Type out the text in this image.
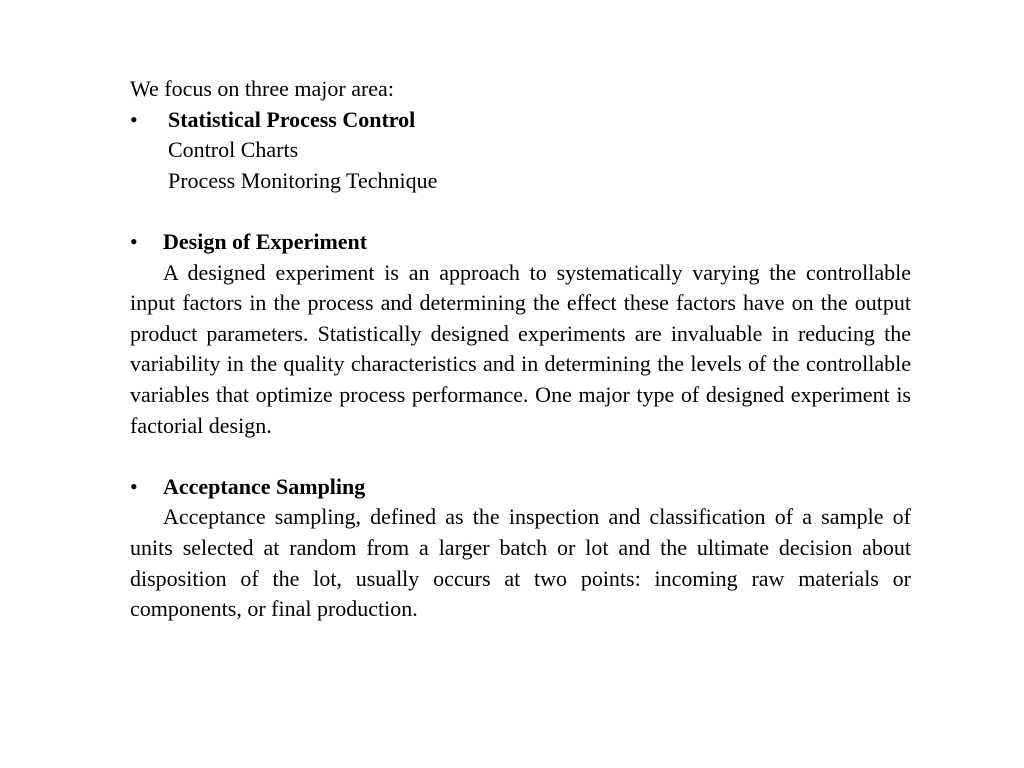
We focus on three major area:
• Statistical Process Control
Control Charts
Process Monitoring Technique
• Design of Experiment

A designed experiment is an approach to systematically varying the controllable input factors in the process and determining the effect these factors have on the output product parameters. Statistically designed experiments are invaluable in reducing the variability in the quality characteristics and in determining the levels of the controllable variables that optimize process performance. One major type of designed experiment is factorial design.

• Acceptance Sampling

Acceptance sampling, defined as the inspection and classification of a sample of units selected at random from a larger batch or lot and the ultimate decision about disposition of the lot, usually occurs at two points: incoming raw materials or components, or final production.
